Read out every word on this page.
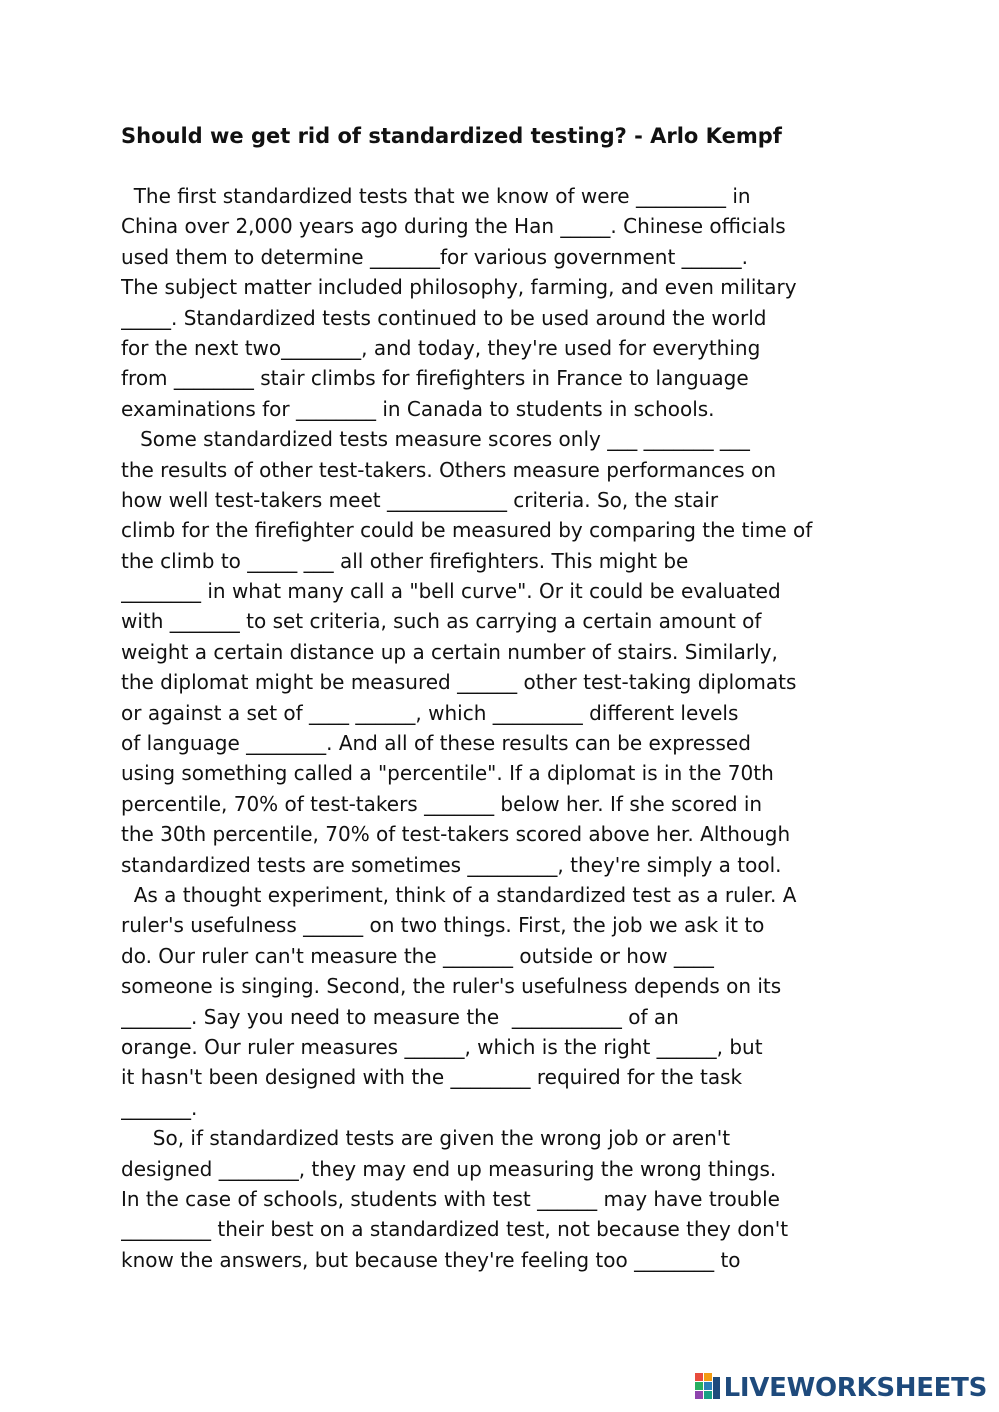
Should we get rid of standardized testing? - Arlo Kempf
The first standardized tests that we know of were _________ in
China over 2,000 years ago during the Han _____. Chinese officials
used them to determine _______for various government ______.
The subject matter included philosophy, farming, and even military
_____. Standardized tests continued to be used around the world
for the next two________, and today, they're used for everything
from ________ stair climbs for firefighters in France to language
examinations for ________ in Canada to students in schools.
Some standardized tests measure scores only ___ _______ ___
the results of other test-takers. Others measure performances on
how well test-takers meet ____________ criteria. So, the stair
climb for the firefighter could be measured by comparing the time of
the climb to _____ ___ all other firefighters. This might be
________ in what many call a "bell curve". Or it could be evaluated
with _______ to set criteria, such as carrying a certain amount of
weight a certain distance up a certain number of stairs. Similarly,
the diplomat might be measured ______ other test-taking diplomats
or against a set of ____ ______, which _________ different levels
of language ________. And all of these results can be expressed
using something called a "percentile". If a diplomat is in the 70th
percentile, 70% of test-takers _______ below her. If she scored in
the 30th percentile, 70% of test-takers scored above her. Although
standardized tests are sometimes _________, they're simply a tool.
As a thought experiment, think of a standardized test as a ruler. A
ruler's usefulness ______ on two things. First, the job we ask it to
do. Our ruler can't measure the _______ outside or how ____
someone is singing. Second, the ruler's usefulness depends on its
_______. Say you need to measure the  ___________ of an
orange. Our ruler measures ______, which is the right ______, but
it hasn't been designed with the ________ required for the task
_______.
So, if standardized tests are given the wrong job or aren't
designed ________, they may end up measuring the wrong things.
In the case of schools, students with test ______ may have trouble
_________ their best on a standardized test, not because they don't
know the answers, but because they're feeling too ________ to
LIVEWORKSHEETS
